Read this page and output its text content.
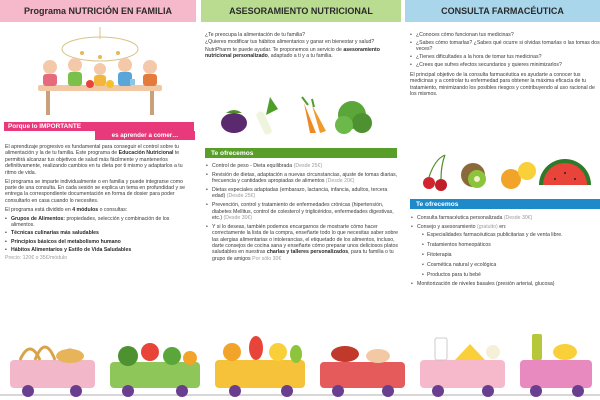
Programa NUTRICIÓN EN FAMILIA
Porque lo IMPORTANTE
es aprender a comer…

El aprendizaje progresivo es fundamental para conseguir el control sobre tu alimentación y la de tu familia. Este programa de Educación Nutricional te permitirá alcanzar tus objetivos de salud más fácilmente y mantenerlos definitivamente, realizando cambios en tu dieta por ti mismo y adaptarlos a tu ritmo de vida.

El programa se imparte individualmente o en familia y puede integrarse como parte de una consulta. En cada sesión se explica un tema en profundidad y se entrega la correspondiente documentación en forma de dosier para poder consultarlo en casa cuando lo necesites.

El programa está dividido en 4 módulos o consultas:

• Grupos de Alimentos: propiedades, selección y combinación de los alimentos.
• Técnicas culinarias más saludables
• Principios básicos del metabolismo humano
• Hábitos Alimentarios y Estilo de Vida Saludables

Precio: 120€ o 35€/módulo

ASESORAMIENTO NUTRICIONAL

¿Te preocupa la alimentación de tu familia?

¿Quieres modificar tus hábitos alimentarios y ganar en bienestar y salud?

NutriPharm te puede ayudar. Te proponemos un servicio de asesoramiento nutricional personalizado, adaptado a ti y a tu familia.

Te ofrecemos
• Control de peso - Dieta equilibrada (Desde 25€)
• Revisión de dietas, adaptación a nuevas circunstancias, ajuste de tomas diarias, frecuencia y cantidades apropiadas de alimentos (Desde 20€)
• Dietas especiales adaptadas (embarazo, lactancia, infancia, adultos, tercera edad) (Desde 25€)
• Prevención, control y tratamiento de enfermedades crónicas (hipertensión, diabetes Mellitus, control de colesterol y triglicéridos, enfermedades digestivas, etc.) (Desde 30€)
• Y si lo deseas, también podemos encargarnos de mostrarte cómo hacer correctamente la lista de la compra, enseñarte todo lo que necesitas saber sobre las alergias alimentarias o intolerancias, el etiquetado de los alimentos, incluso, darte consejos de cocina sana y enseñarte cómo preparar unos deliciosos platos saludables en nuestras charlas y talleres personalizados, para tu familia o tu grupo de amigos Por sólo 30€
CONSULTA FARMACÉUTICA
• ¿Conoces cómo funcionan tus medicinas?
• ¿Sabes cómo tomarlas? ¿Sabes qué ocurre si olvidas tomarlas o las tomas dos veces?
• ¿Tienes dificultades a la hora de tomar tus medicinas?
• ¿Crees que sufres efectos secundarios y quieres minimizarlos?

El principal objetivo de la consulta farmacéutica es ayudarte a conocer tus medicinas y a controlar tu enfermedad para obtener la máxima eficacia de tu tratamiento, minimizando los posibles riesgos y contribuyendo al uso racional de los mismos.

Te ofrecemos
• Consulta farmacéutica personalizada (Desde 30€)
• Consejo y asesoramiento (gratuito) en:
• Especialidades farmacéuticas publicitarias y de venta libre.
• Tratamientos homeopáticos
• Fitoterapia
• Cosmética natural y ecológica
• Productos para tu bebé
• Monitorización de niveles basales (presión arterial, glucosa)
